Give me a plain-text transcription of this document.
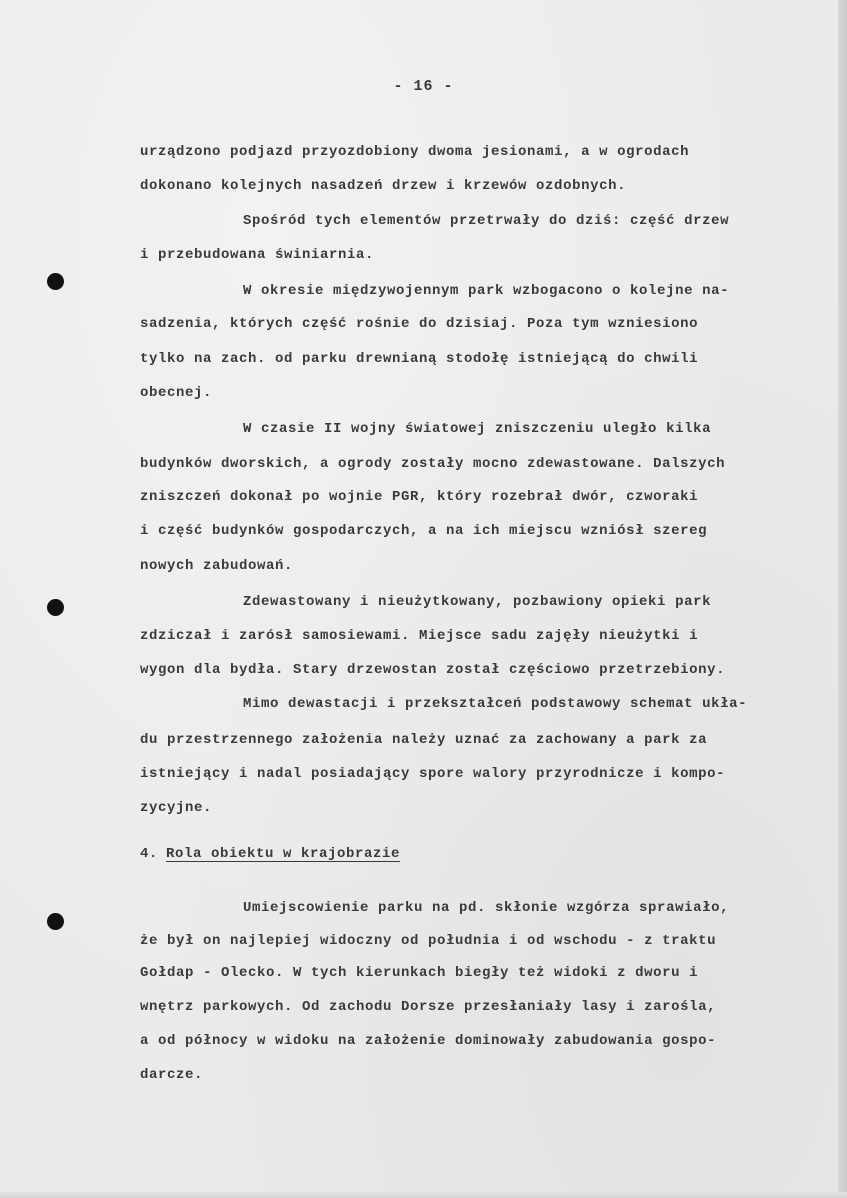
- 16 -
urządzono podjazd przyozdobiony dwoma jesionami, a w ogrodach
dokonano kolejnych nasadzeń drzew i krzewów ozdobnych.
Spośród tych elementów przetrwały do dziś: część drzew
i przebudowana świniarnia.
W okresie międzywojennym park wzbogacono o kolejne na-
sadzenia, których część rośnie do dzisiaj. Poza tym wzniesiono
tylko na zach. od parku drewnianą stodołę istniejącą do chwili
obecnej.
W czasie II wojny światowej zniszczeniu uległo kilka
budynków dworskich, a ogrody zostały mocno zdewastowane. Dalszych
zniszczeń dokonał po wojnie PGR, który rozebrał dwór, czworaki
i część budynków gospodarczych, a na ich miejscu wzniósł szereg
nowych zabudowań.
Zdewastowany i nieużytkowany, pozbawiony opieki park
zdziczał i zarósł samosiewami. Miejsce sadu zajęły nieużytki i
wygon dla bydła. Stary drzewostan został częściowo przetrzebiony.
Mimo dewastacji i przekształceń podstawowy schemat ukła-
du przestrzennego założenia należy uznać za zachowany a park za
istniejący i nadal posiadający spore walory przyrodnicze i kompo-
zycyjne.
4. Rola obiektu w krajobrazie
Umiejscowienie parku na pd. skłonie wzgórza sprawiało,
że był on najlepiej widoczny od południa i od wschodu - z traktu
Gołdap - Olecko. W tych kierunkach biegły też widoki z dworu i
wnętrz parkowych. Od zachodu Dorsze przesłaniały lasy i zarośla,
a od północy w widoku na założenie dominowały zabudowania gospo-
darcze.
